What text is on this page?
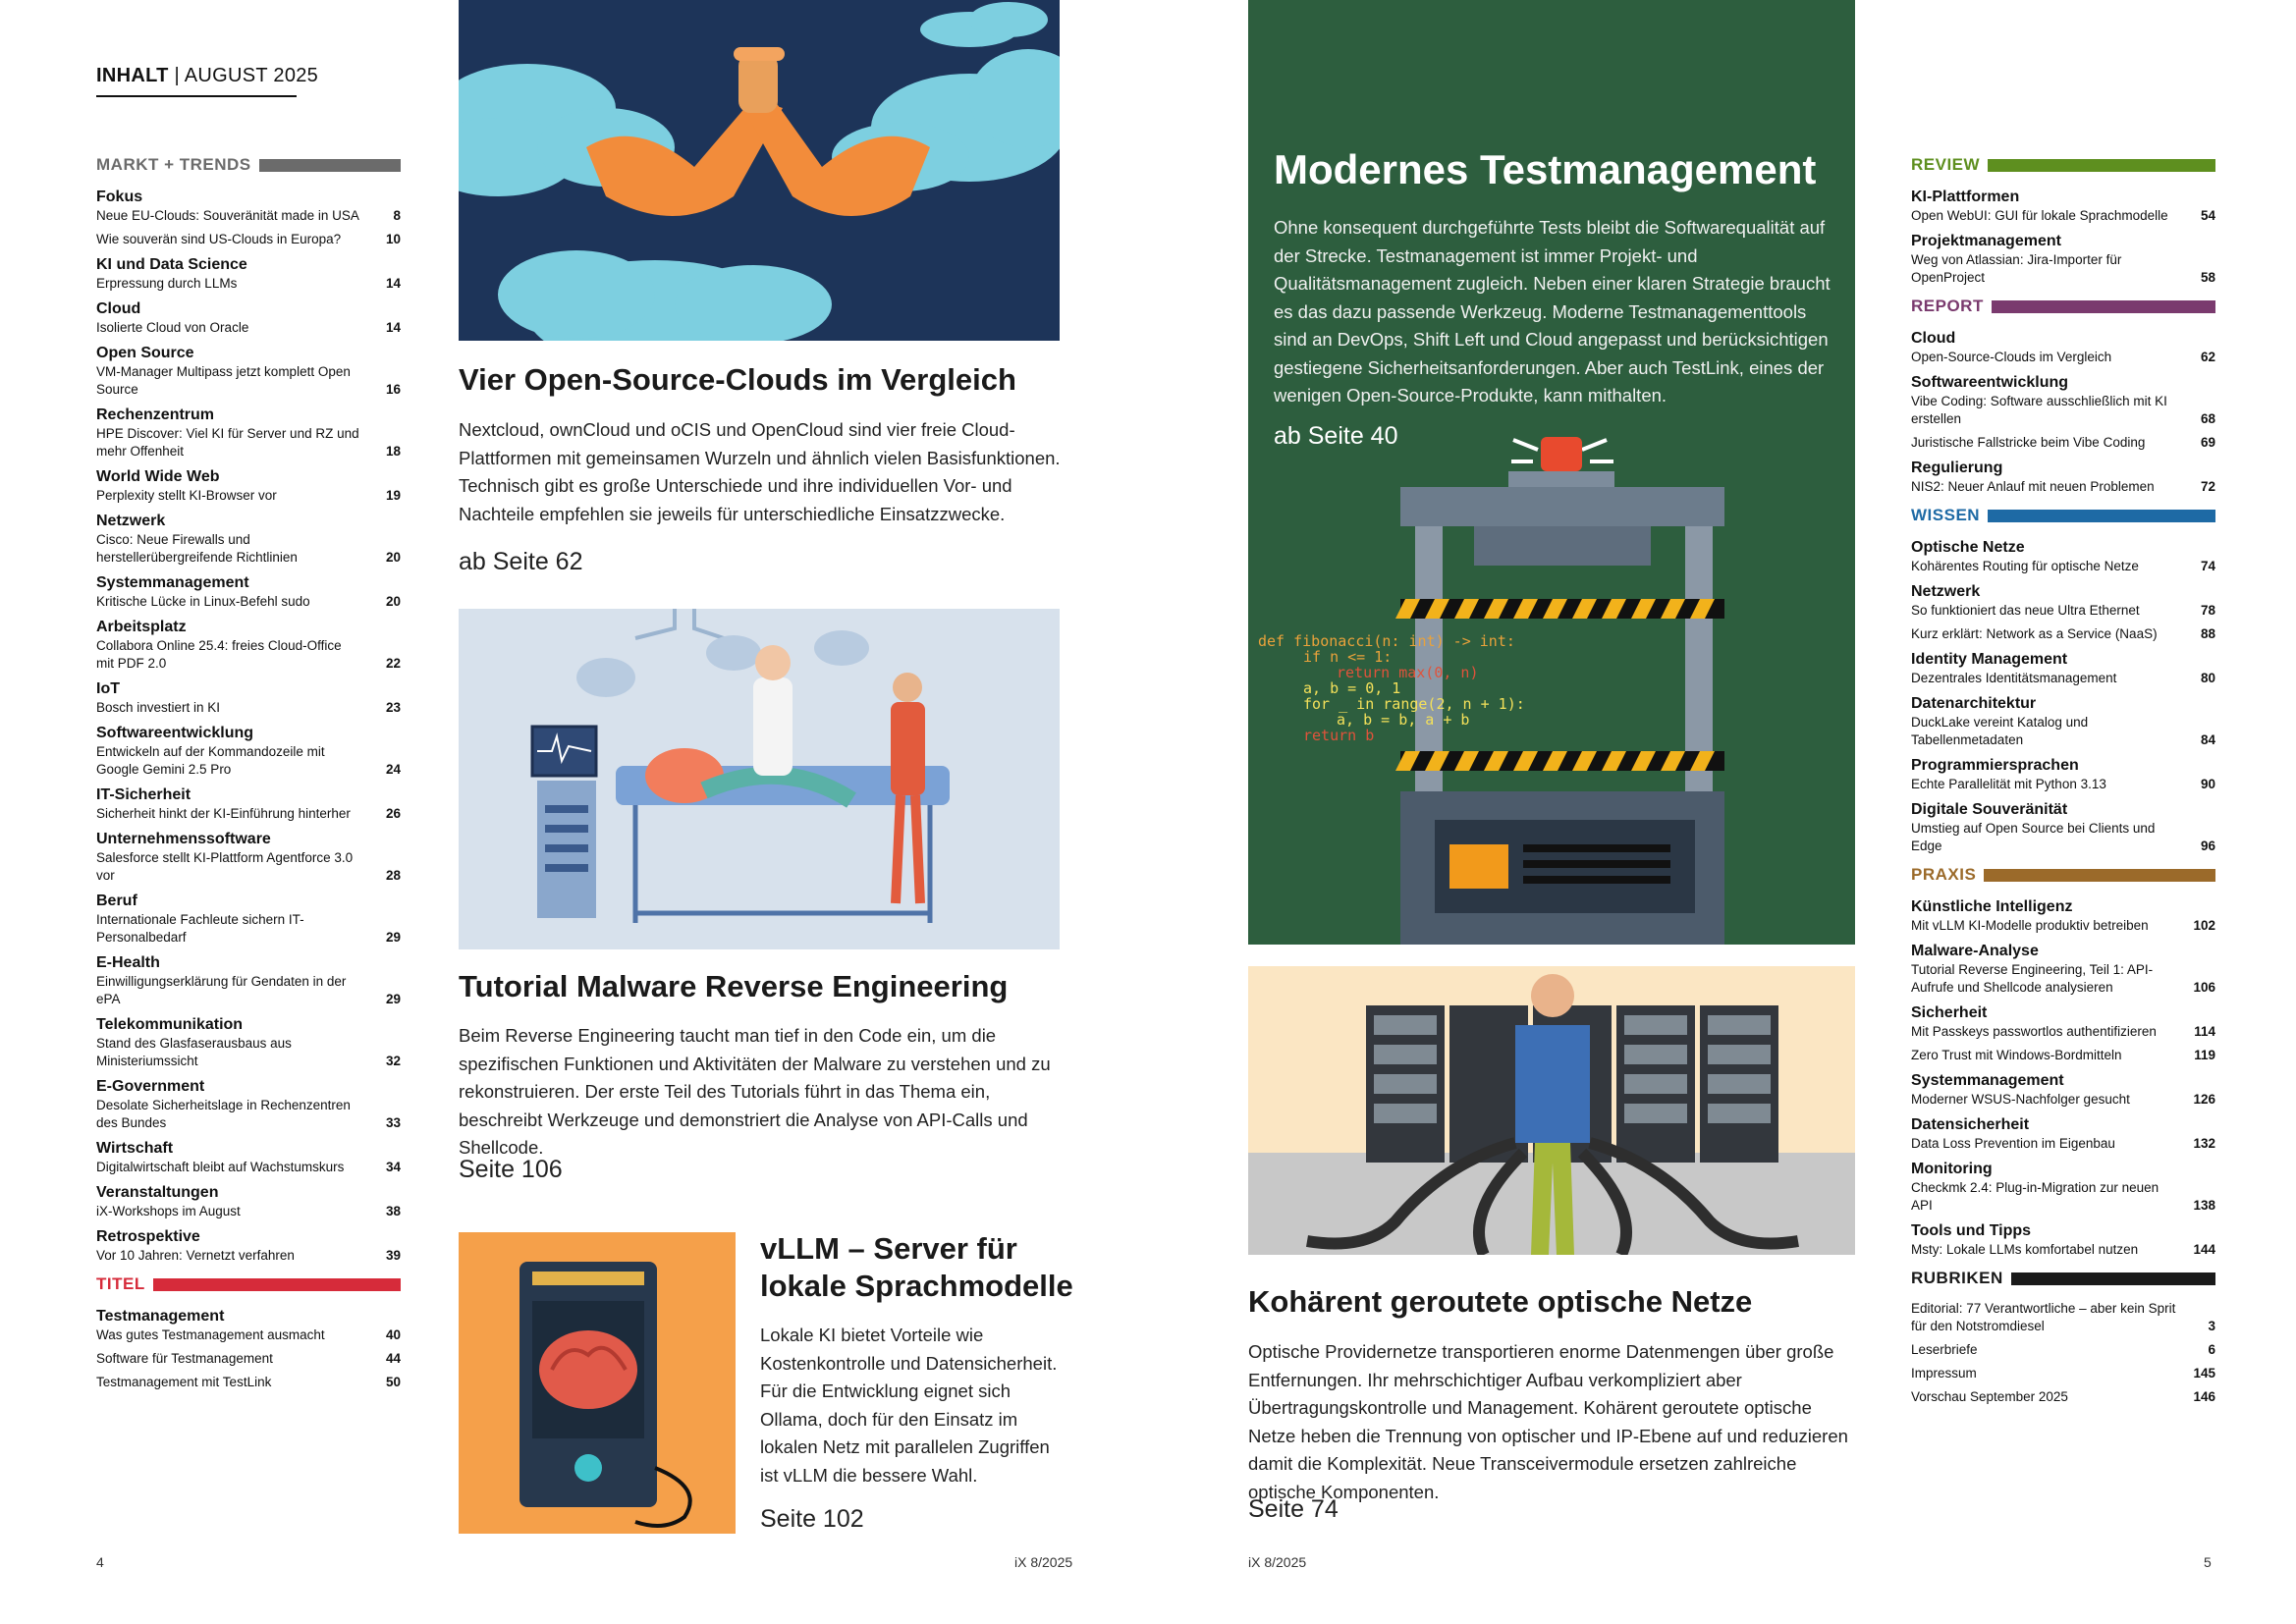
INHALT | AUGUST 2025
MARKT + TRENDS
Fokus
Neue EU-Clouds: Souveränität made in USA	8
Wie souverän sind US-Clouds in Europa?	10
KI und Data Science
Erpressung durch LLMs	14
Cloud
Isolierte Cloud von Oracle	14
Open Source
VM-Manager Multipass jetzt komplett Open Source	16
Rechenzentrum
HPE Discover: Viel KI für Server und RZ und mehr Offenheit	18
World Wide Web
Perplexity stellt KI-Browser vor	19
Netzwerk
Cisco: Neue Firewalls und herstellerübergreifende Richtlinien	20
Systemmanagement
Kritische Lücke in Linux-Befehl sudo	20
Arbeitsplatz
Collabora Online 25.4: freies Cloud-Office mit PDF 2.0	22
IoT
Bosch investiert in KI	23
Softwareentwicklung
Entwickeln auf der Kommandozeile mit Google Gemini 2.5 Pro	24
IT-Sicherheit
Sicherheit hinkt der KI-Einführung hinterher	26
Unternehmenssoftware
Salesforce stellt KI-Plattform Agentforce 3.0 vor	28
Beruf
Internationale Fachleute sichern IT-Personalbedarf	29
E-Health
Einwilligungserklärung für Gendaten in der ePA	29
Telekommunikation
Stand des Glasfaserausbaus aus Ministeriumssicht	32
E-Government
Desolate Sicherheitslage in Rechenzentren des Bundes	33
Wirtschaft
Digitalwirtschaft bleibt auf Wachstumskurs	34
Veranstaltungen
iX-Workshops im August	38
Retrospektive
Vor 10 Jahren: Vernetzt verfahren	39
TITEL
Testmanagement
Was gutes Testmanagement ausmacht	40
Software für Testmanagement	44
Testmanagement mit TestLink	50
Vier Open-Source-Clouds im Vergleich
Nextcloud, ownCloud und oCIS und OpenCloud sind vier freie Cloud-Plattformen mit gemeinsamen Wurzeln und ähnlich vielen Basisfunktionen. Technisch gibt es große Unterschiede und ihre individuellen Vor- und Nachteile empfehlen sie jeweils für unterschiedliche Einsatzzwecke.
ab Seite 62
Tutorial Malware Reverse Engineering
Beim Reverse Engineering taucht man tief in den Code ein, um die spezifischen Funktionen und Aktivitäten der Malware zu verstehen und zu rekonstruieren. Der erste Teil des Tutorials führt in das Thema ein, beschreibt Werkzeuge und demonstriert die Analyse von API-Calls und Shellcode.
Seite 106
vLLM – Server für lokale Sprachmodelle
Lokale KI bietet Vorteile wie Kostenkontrolle und Datensicherheit. Für die Entwicklung eignet sich Ollama, doch für den Einsatz im lokalen Netz mit parallelen Zugriffen ist vLLM die bessere Wahl.
Seite 102
4	iX 8/2025
Modernes Testmanagement
Ohne konsequent durchgeführte Tests bleibt die Softwarequalität auf der Strecke. Testmanagement ist immer Projekt- und Qualitätsmanagement zugleich. Neben einer klaren Strategie braucht es das dazu passende Werkzeug. Moderne Testmanagementtools sind an DevOps, Shift Left und Cloud angepasst und berücksichtigen gestiegene Sicherheitsanforderungen. Aber auch TestLink, eines der wenigen Open-Source-Produkte, kann mithalten.
ab Seite 40
def fibonacci(n: int) -> int:
if n <= 1:
return max(0, n)
a, b = 0, 1
for _ in range(2, n + 1):
a, b = b, a + b
return b
Kohärent geroutete optische Netze
Optische Providernetze transportieren enorme Datenmengen über große Entfernungen. Ihr mehrschichtiger Aufbau verkompliziert aber Übertragungskontrolle und Management. Kohärent geroutete optische Netze heben die Trennung von optischer und IP-Ebene auf und reduzieren damit die Komplexität. Neue Transceivermodule ersetzen zahlreiche optische Komponenten.
Seite 74
REVIEW
KI-Plattformen
Open WebUI: GUI für lokale Sprachmodelle	54
Projektmanagement
Weg von Atlassian: Jira-Importer für OpenProject	58
REPORT
Cloud
Open-Source-Clouds im Vergleich	62
Softwareentwicklung
Vibe Coding: Software ausschließlich mit KI erstellen	68
Juristische Fallstricke beim Vibe Coding	69
Regulierung
NIS2: Neuer Anlauf mit neuen Problemen	72
WISSEN
Optische Netze
Kohärentes Routing für optische Netze	74
Netzwerk
So funktioniert das neue Ultra Ethernet	78
Kurz erklärt: Network as a Service (NaaS)	88
Identity Management
Dezentrales Identitätsmanagement	80
Datenarchitektur
DuckLake vereint Katalog und Tabellenmetadaten	84
Programmiersprachen
Echte Parallelität mit Python 3.13	90
Digitale Souveränität
Umstieg auf Open Source bei Clients und Edge	96
PRAXIS
Künstliche Intelligenz
Mit vLLM KI-Modelle produktiv betreiben	102
Malware-Analyse
Tutorial Reverse Engineering, Teil 1: API-Aufrufe und Shellcode analysieren	106
Sicherheit
Mit Passkeys passwortlos authentifizieren	114
Zero Trust mit Windows-Bordmitteln	119
Systemmanagement
Moderner WSUS-Nachfolger gesucht	126
Datensicherheit
Data Loss Prevention im Eigenbau	132
Monitoring
Checkmk 2.4: Plug-in-Migration zur neuen API	138
Tools und Tipps
Msty: Lokale LLMs komfortabel nutzen	144
RUBRIKEN
Editorial: 77 Verantwortliche – aber kein Sprit für den Notstromdiesel	3
Leserbriefe	6
Impressum	145
Vorschau September 2025	146
iX 8/2025	5
